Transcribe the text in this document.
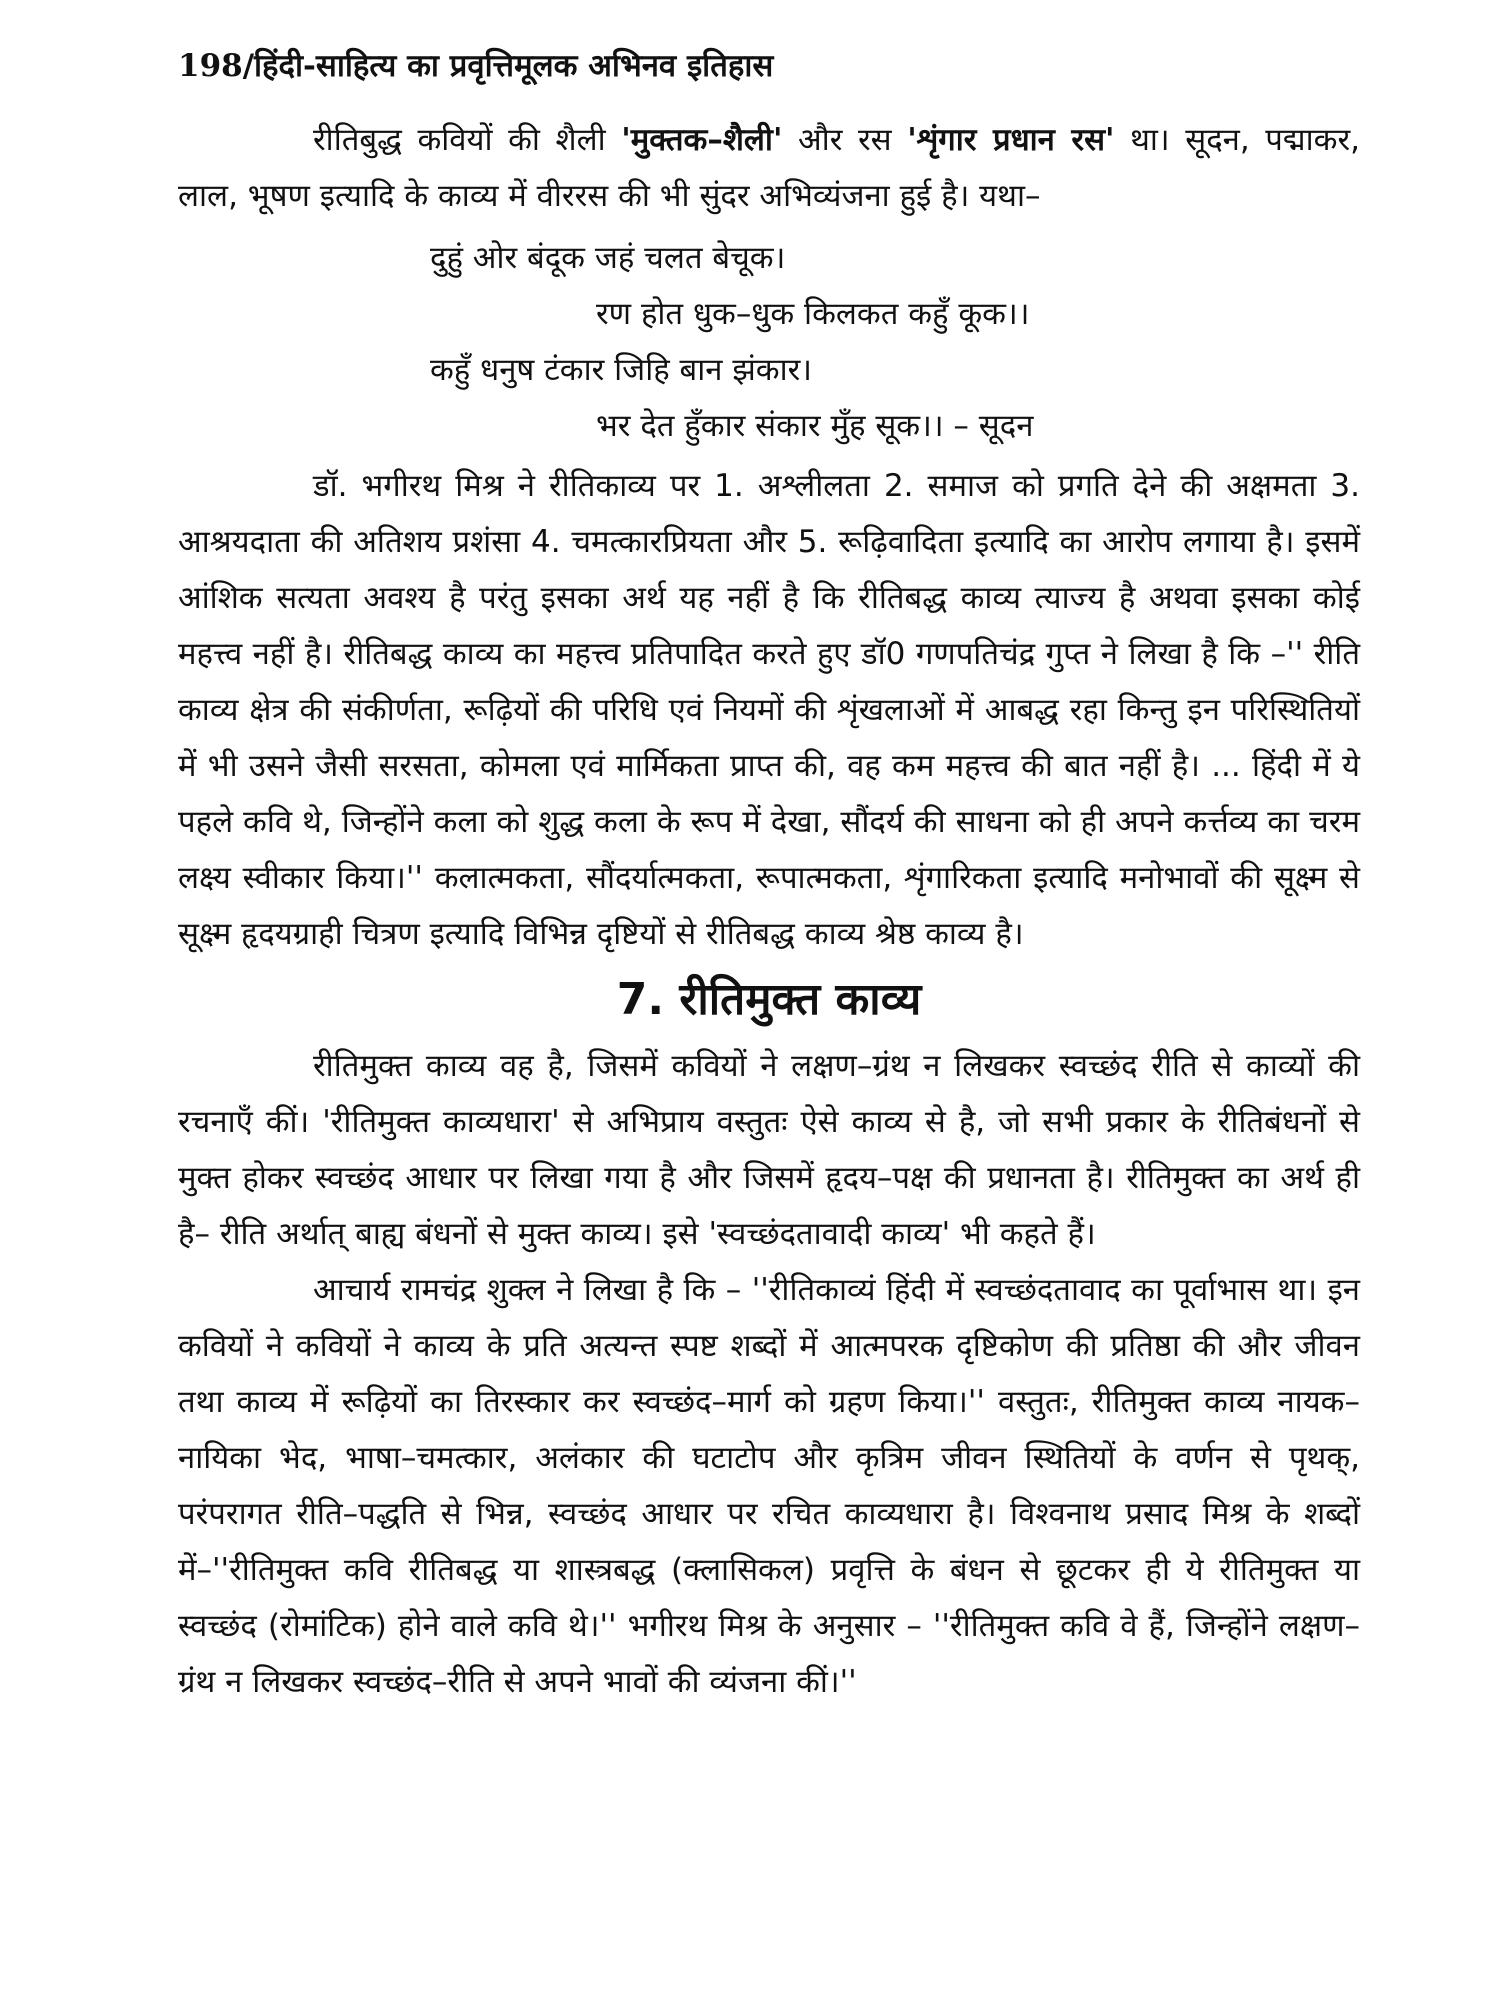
198/हिंदी-साहित्य का प्रवृत्तिमूलक अभिनव इतिहास

रीतिबुद्ध कवियों की शैली 'मुक्तक–शैली' और रस 'शृंगार प्रधान रस' था। सूदन, पद्माकर, लाल, भूषण इत्यादि के काव्य में वीररस की भी सुंदर अभिव्यंजना हुई है। यथा–

दुहुं ओर बंदूक जहं चलत बेचूक।
रण होत धुक–धुक किलकत कहुँ कूक।।
कहुँ धनुष टंकार जिहि बान झंकार।
भर देत हुँकार संकार मुँह सूक।। – सूदन

डॉ. भगीरथ मिश्र ने रीतिकाव्य पर 1. अश्लीलता 2. समाज को प्रगति देने की अक्षमता 3. आश्रयदाता की अतिशय प्रशंसा 4. चमत्कारप्रियता और 5. रूढ़िवादिता इत्यादि का आरोप लगाया है। इसमें आंशिक सत्यता अवश्य है परंतु इसका अर्थ यह नहीं है कि रीतिबद्ध काव्य त्याज्य है अथवा इसका कोई महत्त्व नहीं है। रीतिबद्ध काव्य का महत्त्व प्रतिपादित करते हुए डॉ0 गणपतिचंद्र गुप्त ने लिखा है कि –'' रीति काव्य क्षेत्र की संकीर्णता, रूढ़ियों की परिधि एवं नियमों की शृंखलाओं में आबद्ध रहा किन्तु इन परिस्थितियों में भी उसने जैसी सरसता, कोमला एवं मार्मिकता प्राप्त की, वह कम महत्त्व की बात नहीं है। ... हिंदी में ये पहले कवि थे, जिन्होंने कला को शुद्ध कला के रूप में देखा, सौंदर्य की साधना को ही अपने कर्त्तव्य का चरम लक्ष्य स्वीकार किया।'' कलात्मकता, सौंदर्यात्मकता, रूपात्मकता, शृंगारिकता इत्यादि मनोभावों की सूक्ष्म से सूक्ष्म हृदयग्राही चित्रण इत्यादि विभिन्न दृष्टियों से रीतिबद्ध काव्य श्रेष्ठ काव्य है।

7. रीतिमुक्त काव्य

रीतिमुक्त काव्य वह है, जिसमें कवियों ने लक्षण–ग्रंथ न लिखकर स्वच्छंद रीति से काव्यों की रचनाएँ कीं। 'रीतिमुक्त काव्यधारा' से अभिप्राय वस्तुतः ऐसे काव्य से है, जो सभी प्रकार के रीतिबंधनों से मुक्त होकर स्वच्छंद आधार पर लिखा गया है और जिसमें हृदय–पक्ष की प्रधानता है। रीतिमुक्त का अर्थ ही है– रीति अर्थात् बाह्य बंधनों से मुक्त काव्य। इसे 'स्वच्छंदतावादी काव्य' भी कहते हैं।

आचार्य रामचंद्र शुक्ल ने लिखा है कि – ''रीतिकाव्यं हिंदी में स्वच्छंदतावाद का पूर्वाभास था। इन कवियों ने कवियों ने काव्य के प्रति अत्यन्त स्पष्ट शब्दों में आत्मपरक दृष्टिकोण की प्रतिष्ठा की और जीवन तथा काव्य में रूढ़ियों का तिरस्कार कर स्वच्छंद–मार्ग को ग्रहण किया।'' वस्तुतः, रीतिमुक्त काव्य नायक–नायिका भेद, भाषा–चमत्कार, अलंकार की घटाटोप और कृत्रिम जीवन स्थितियों के वर्णन से पृथक्, परंपरागत रीति–पद्धति से भिन्न, स्वच्छंद आधार पर रचित काव्यधारा है। विश्वनाथ प्रसाद मिश्र के शब्दों में–''रीतिमुक्त कवि रीतिबद्ध या शास्त्रबद्ध (क्लासिकल) प्रवृत्ति के बंधन से छूटकर ही ये रीतिमुक्त या स्वच्छंद (रोमांटिक) होने वाले कवि थे।'' भगीरथ मिश्र के अनुसार – ''रीतिमुक्त कवि वे हैं, जिन्होंने लक्षण–ग्रंथ न लिखकर स्वच्छंद–रीति से अपने भावों की व्यंजना कीं।''
